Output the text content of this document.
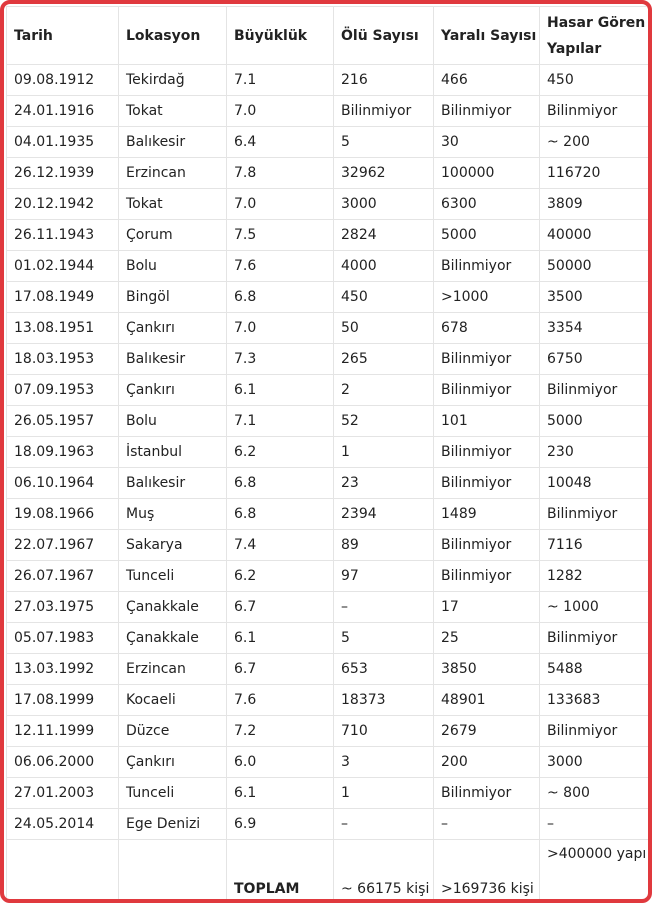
Tarih	Lokasyon	Büyüklük	Ölü Sayısı	Yaralı Sayısı	Hasar Gören Yapılar
09.08.1912	Tekirdağ	7.1	216	466	450
24.01.1916	Tokat	7.0	Bilinmiyor	Bilinmiyor	Bilinmiyor
04.01.1935	Balıkesir	6.4	5	30	~ 200
26.12.1939	Erzincan	7.8	32962	100000	116720
20.12.1942	Tokat	7.0	3000	6300	3809
26.11.1943	Çorum	7.5	2824	5000	40000
01.02.1944	Bolu	7.6	4000	Bilinmiyor	50000
17.08.1949	Bingöl	6.8	450	>1000	3500
13.08.1951	Çankırı	7.0	50	678	3354
18.03.1953	Balıkesir	7.3	265	Bilinmiyor	6750
07.09.1953	Çankırı	6.1	2	Bilinmiyor	Bilinmiyor
26.05.1957	Bolu	7.1	52	101	5000
18.09.1963	İstanbul	6.2	1	Bilinmiyor	230
06.10.1964	Balıkesir	6.8	23	Bilinmiyor	10048
19.08.1966	Muş	6.8	2394	1489	Bilinmiyor
22.07.1967	Sakarya	7.4	89	Bilinmiyor	7116
26.07.1967	Tunceli	6.2	97	Bilinmiyor	1282
27.03.1975	Çanakkale	6.7	–	17	~ 1000
05.07.1983	Çanakkale	6.1	5	25	Bilinmiyor
13.03.1992	Erzincan	6.7	653	3850	5488
17.08.1999	Kocaeli	7.6	18373	48901	133683
12.11.1999	Düzce	7.2	710	2679	Bilinmiyor
06.06.2000	Çankırı	6.0	3	200	3000
27.01.2003	Tunceli	6.1	1	Bilinmiyor	~ 800
24.05.2014	Ege Denizi	6.9	–	–	–
		TOPLAM	~ 66175 kişi	>169736 kişi	>400000 yapı
